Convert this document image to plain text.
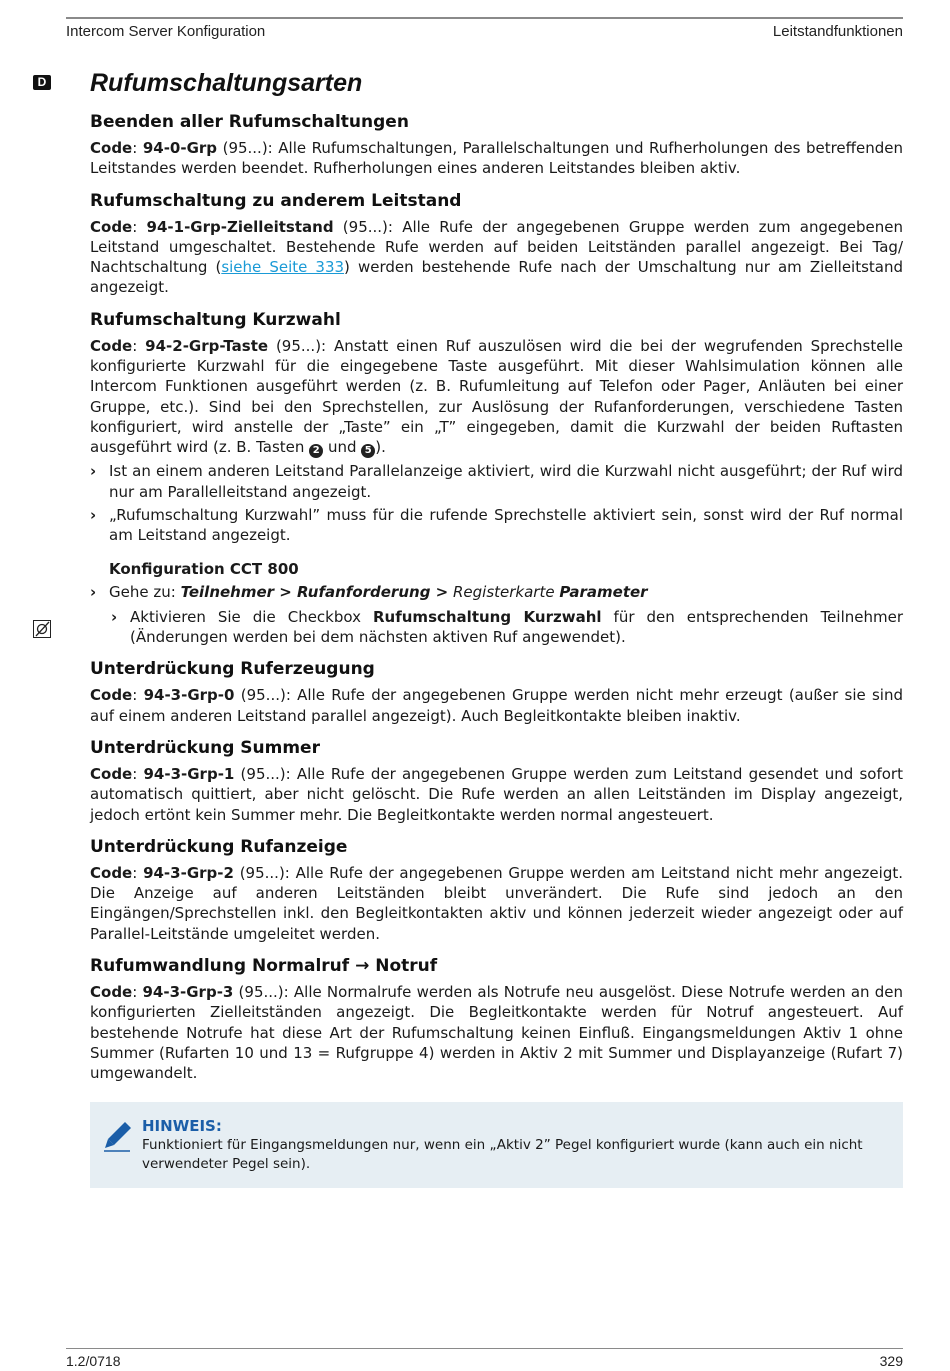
Intercom Server Konfiguration	Leitstandfunktionen
D Rufumschaltungsarten
Beenden aller Rufumschaltungen

Code: 94-0-Grp (95...): Alle Rufumschaltungen, Parallelschaltungen und Rufherholungen des betreffenden Leitstandes werden beendet. Rufherholungen eines anderen Leitstandes bleiben aktiv.

Rufumschaltung zu anderem Leitstand

Code: 94-1-Grp-Zielleitstand (95...): Alle Rufe der angegebenen Gruppe werden zum angegebenen Leitstand umgeschaltet. Bestehende Rufe werden auf beiden Leitständen parallel angezeigt. Bei Tag/ Nachtschaltung (siehe Seite 333) werden bestehende Rufe nach der Umschaltung nur am Zielleitstand angezeigt.

Rufumschaltung Kurzwahl

Code: 94-2-Grp-Taste (95...): Anstatt einen Ruf auszulösen wird die bei der wegrufenden Sprechstelle konfigurierte Kurzwahl für die eingegebene Taste ausgeführt. Mit dieser Wahlsimulation können alle Intercom Funktionen ausgeführt werden (z. B. Rufumleitung auf Telefon oder Pager, Anläuten bei einer Gruppe, etc.). Sind bei den Sprechstellen, zur Auslösung der Rufanforderungen, verschiedene Tasten konfiguriert, wird anstelle der „Taste” ein „T” eingegeben, damit die Kurzwahl der beiden Ruftasten ausgeführt wird (z. B. Tasten 2 und 5 ).

› Ist an einem anderen Leitstand Parallelanzeige aktiviert, wird die Kurzwahl nicht ausgeführt; der Ruf wird nur am Parallelleitstand angezeigt.
› „Rufumschaltung Kurzwahl” muss für die rufende Sprechstelle aktiviert sein, sonst wird der Ruf normal am Leitstand angezeigt.
Konfiguration CCT 800
› Gehe zu: Teilnehmer > Rufanforderung > Registerkarte Parameter
› Aktivieren Sie die Checkbox Rufumschaltung Kurzwahl für den entsprechenden Teilnehmer (Änderungen werden bei dem nächsten aktiven Ruf angewendet).
Unterdrückung Ruferzeugung

Code: 94-3-Grp-0 (95...): Alle Rufe der angegebenen Gruppe werden nicht mehr erzeugt (außer sie sind auf einem anderen Leitstand parallel angezeigt). Auch Begleitkontakte bleiben inaktiv.

Unterdrückung Summer

Code: 94-3-Grp-1 (95...): Alle Rufe der angegebenen Gruppe werden zum Leitstand gesendet und sofort automatisch quittiert, aber nicht gelöscht. Die Rufe werden an allen Leitständen im Display angezeigt, jedoch ertönt kein Summer mehr. Die Begleitkontakte werden normal angesteuert.

Unterdrückung Rufanzeige

Code: 94-3-Grp-2 (95...): Alle Rufe der angegebenen Gruppe werden am Leitstand nicht mehr angezeigt. Die Anzeige auf anderen Leitständen bleibt unverändert. Die Rufe sind jedoch an den Eingängen/Sprechstellen inkl. den Begleitkontakten aktiv und können jederzeit wieder angezeigt oder auf Parallel-Leitstände umgeleitet werden.

Rufumwandlung Normalruf → Notruf

Code: 94-3-Grp-3 (95...): Alle Normalrufe werden als Notrufe neu ausgelöst. Diese Notrufe werden an den konfigurierten Zielleitständen angezeigt. Die Begleitkontakte werden für Notruf angesteuert. Auf bestehende Notrufe hat diese Art der Rufumschaltung keinen Einfluß. Eingangsmeldungen Aktiv 1 ohne Summer (Rufarten 10 und 13 = Rufgruppe 4) werden in Aktiv 2 mit Summer und Displayanzeige (Rufart 7) umgewandelt.

HINWEIS:
Funktioniert für Eingangsmeldungen nur, wenn ein „Aktiv 2” Pegel konfiguriert wurde (kann auch ein nicht verwendeter Pegel sein).
1.2/0718	329
